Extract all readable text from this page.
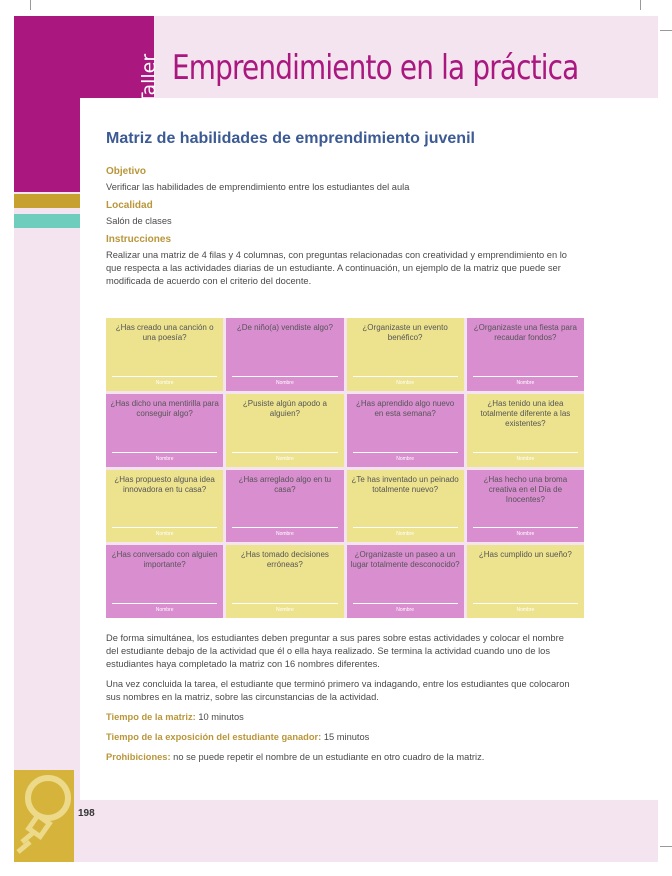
Taller Emprendimiento en la práctica
Matriz de habilidades de emprendimiento juvenil
Objetivo

Verificar las habilidades de emprendimiento entre los estudiantes del aula

Localidad

Salón de clases

Instrucciones

Realizar una matriz de 4 filas y 4 columnas, con preguntas relacionadas con creatividad y emprendimiento en lo que respecta a las actividades diarias de un estudiante. A continuación, un ejemplo de la matriz que puede ser modificada de acuerdo con el criterio del docente.

¿Has creado una canción o una poesía?
Nombre
¿De niño(a) vendiste algo?
Nombre
¿Organizaste un evento benéfico?
Nombre
¿Organizaste una fiesta para recaudar fondos?
Nombre
¿Has dicho una mentirilla para conseguir algo?
Nombre
¿Pusiste algún apodo a alguien?
Nombre
¿Has aprendido algo nuevo en esta semana?
Nombre
¿Has tenido una idea totalmente diferente a las existentes?
Nombre
¿Has propuesto alguna idea innovadora en tu casa?
Nombre
¿Has arreglado algo en tu casa?
Nombre
¿Te has inventado un peinado totalmente nuevo?
Nombre
¿Has hecho una broma creativa en el Día de Inocentes?
Nombre
¿Has conversado con alguien importante?
Nombre
¿Has tomado decisiones erróneas?
Nombre
¿Organizaste un paseo a un lugar totalmente desconocido?
Nombre
¿Has cumplido un sueño?
Nombre

De forma simultánea, los estudiantes deben preguntar a sus pares sobre estas actividades y colocar el nombre del estudiante debajo de la actividad que él o ella haya realizado. Se termina la actividad cuando uno de los estudiantes haya completado la matriz con 16 nombres diferentes.

Una vez concluida la tarea, el estudiante que terminó primero va indagando, entre los estudiantes que colocaron sus nombres en la matriz, sobre las circunstancias de la actividad.

Tiempo de la matriz: 10 minutos

Tiempo de la exposición del estudiante ganador: 15 minutos

Prohibiciones: no se puede repetir el nombre de un estudiante en otro cuadro de la matriz.

198
